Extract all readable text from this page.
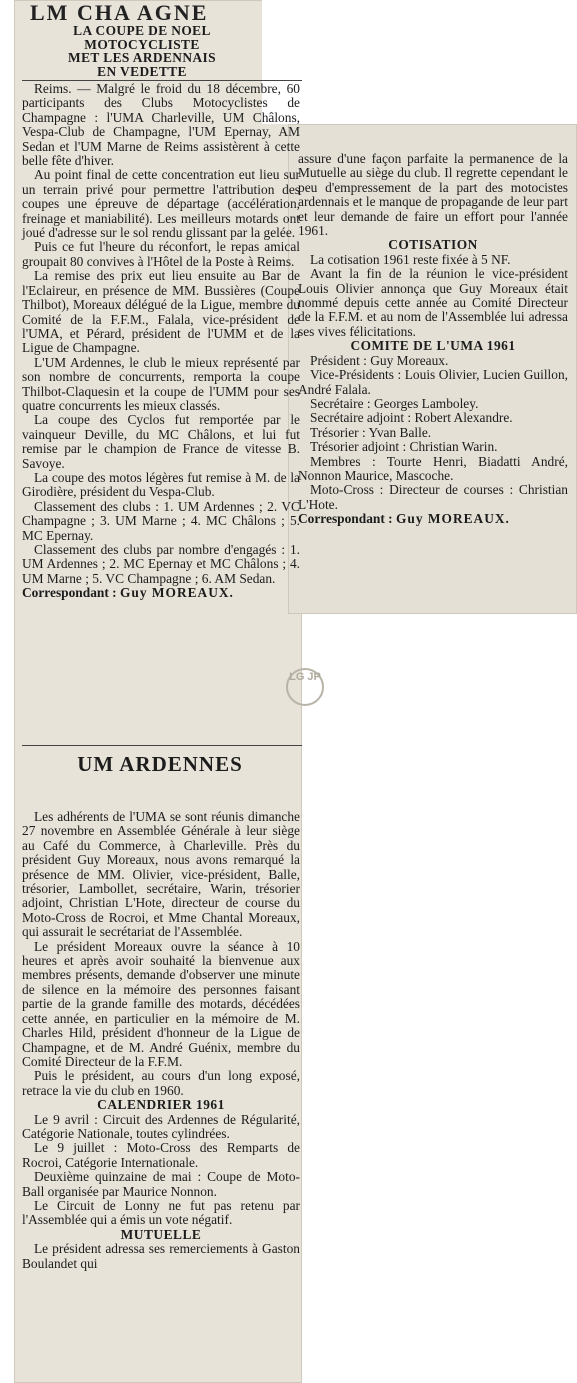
LM CHA AGNE
LA COUPE DE NOEL
MOTOCYCLISTE
MET LES ARDENNAIS
EN VEDETTE

Reims. — Malgré le froid du 18 décembre, 60 participants des Clubs Motocyclistes de Champagne : l'UMA Charleville, UM Châlons, Vespa-Club de Champagne, l'UM Epernay, AM Sedan et l'UM Marne de Reims assistèrent à cette belle fête d'hiver.

Au point final de cette concentration eut lieu sur un terrain privé pour permettre l'attribution des coupes une épreuve de départage (accélération, freinage et maniabilité). Les meilleurs motards ont joué d'adresse sur le sol rendu glissant par la gelée.

Puis ce fut l'heure du réconfort, le repas amical groupait 80 convives à l'Hôtel de la Poste à Reims.

La remise des prix eut lieu ensuite au Bar de l'Eclaireur, en présence de MM. Bussières (Coupe Thilbot), Moreaux délégué de la Ligue, membre du Comité de la F.F.M., Falala, vice-président de l'UMA, et Pérard, président de l'UMM et de la Ligue de Champagne.

L'UM Ardennes, le club le mieux représenté par son nombre de concurrents, remporta la coupe Thilbot-Claquesin et la coupe de l'UMM pour ses quatre concurrents les mieux classés.

La coupe des Cyclos fut remportée par le vainqueur Deville, du MC Châlons, et lui fut remise par le champion de France de vitesse B. Savoye.

La coupe des motos légères fut remise à M. de la Girodière, président du Vespa-Club.

Classement des clubs : 1. UM Ardennes ; 2. VC Champagne ; 3. UM Marne ; 4. MC Châlons ; 5. MC Epernay.

Classement des clubs par nombre d'engagés : 1. UM Ardennes ; 2. MC Epernay et MC Châlons ; 4. UM Marne ; 5. VC Champagne ; 6. AM Sedan.

Correspondant : Guy MOREAUX.

assure d'une façon parfaite la permanence de la Mutuelle au siège du club. Il regrette cependant le peu d'empressement de la part des motocistes ardennais et le manque de propagande de leur part et leur demande de faire un effort pour l'année 1961.

COTISATION

La cotisation 1961 reste fixée à 5 NF.

Avant la fin de la réunion le vice-président Louis Olivier annonça que Guy Moreaux était nommé depuis cette année au Comité Directeur de la F.F.M. et au nom de l'Assemblée lui adressa ses vives félicitations.

COMITE DE L'UMA 1961

Président : Guy Moreaux.

Vice-Présidents : Louis Olivier, Lucien Guillon, André Falala.

Secrétaire : Georges Lamboley.

Secrétaire adjoint : Robert Alexandre.

Trésorier : Yvan Balle.

Trésorier adjoint : Christian Warin.

Membres : Tourte Henri, Biadatti André, Nonnon Maurice, Mascoche.

Moto-Cross : Directeur de courses : Christian L'Hote.

Correspondant : Guy MOREAUX.

LG JP
UM ARDENNES

Les adhérents de l'UMA se sont réunis dimanche 27 novembre en Assemblée Générale à leur siège au Café du Commerce, à Charleville. Près du président Guy Moreaux, nous avons remarqué la présence de MM. Olivier, vice-président, Balle, trésorier, Lambollet, secrétaire, Warin, trésorier adjoint, Christian L'Hote, directeur de course du Moto-Cross de Rocroi, et Mme Chantal Moreaux, qui assurait le secrétariat de l'Assemblée.

Le président Moreaux ouvre la séance à 10 heures et après avoir souhaité la bienvenue aux membres présents, demande d'observer une minute de silence en la mémoire des personnes faisant partie de la grande famille des motards, décédées cette année, en particulier en la mémoire de M. Charles Hild, président d'honneur de la Ligue de Champagne, et de M. André Guénix, membre du Comité Directeur de la F.F.M.

Puis le président, au cours d'un long exposé, retrace la vie du club en 1960.

CALENDRIER 1961

Le 9 avril : Circuit des Ardennes de Régularité, Catégorie Nationale, toutes cylindrées.

Le 9 juillet : Moto-Cross des Remparts de Rocroi, Catégorie Internationale.

Deuxième quinzaine de mai : Coupe de Moto-Ball organisée par Maurice Nonnon.

Le Circuit de Lonny ne fut pas retenu par l'Assemblée qui a émis un vote négatif.

MUTUELLE

Le président adressa ses remerciements à Gaston Boulandet qui
